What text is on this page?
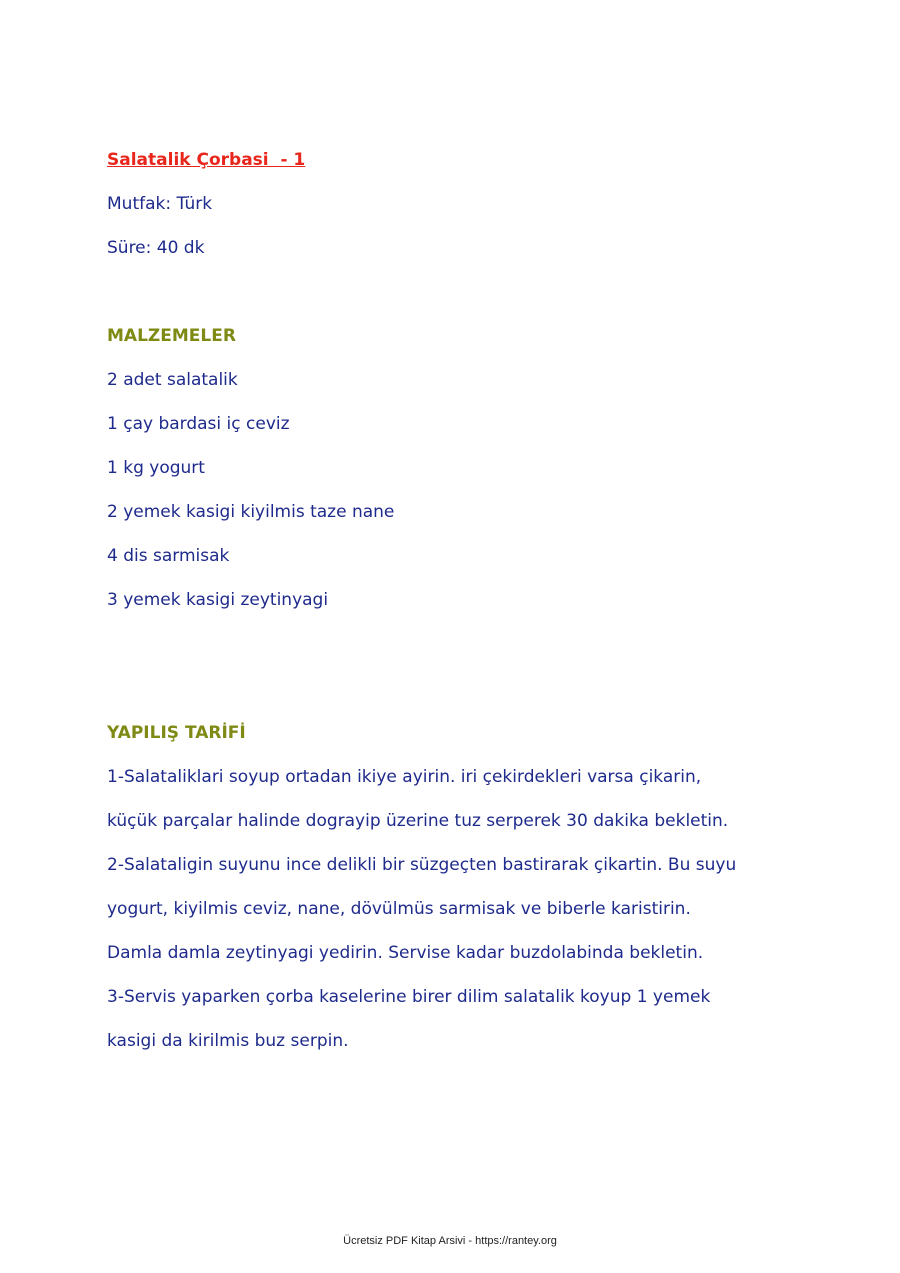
Salatalik Çorbasi  - 1

Mutfak: Türk

Süre: 40 dk

MALZEMELER

2 adet salatalik

1 çay bardasi iç ceviz

1 kg yogurt

2 yemek kasigi kiyilmis taze nane

4 dis sarmisak

3 yemek kasigi zeytinyagi

YAPILIŞ TARİFİ

1-Salataliklari soyup ortadan ikiye ayirin. iri çekirdekleri varsa çikarin,

küçük parçalar halinde dograyip üzerine tuz serperek 30 dakika bekletin.

2-Salataligin suyunu ince delikli bir süzgeçten bastirarak çikartin. Bu suyu

yogurt, kiyilmis ceviz, nane, dövülmüs sarmisak ve biberle karistirin.

Damla damla zeytinyagi yedirin. Servise kadar buzdolabinda bekletin.

3-Servis yaparken çorba kaselerine birer dilim salatalik koyup 1 yemek

kasigi da kirilmis buz serpin.

Ücretsiz PDF Kitap Arsivi - https://rantey.org
